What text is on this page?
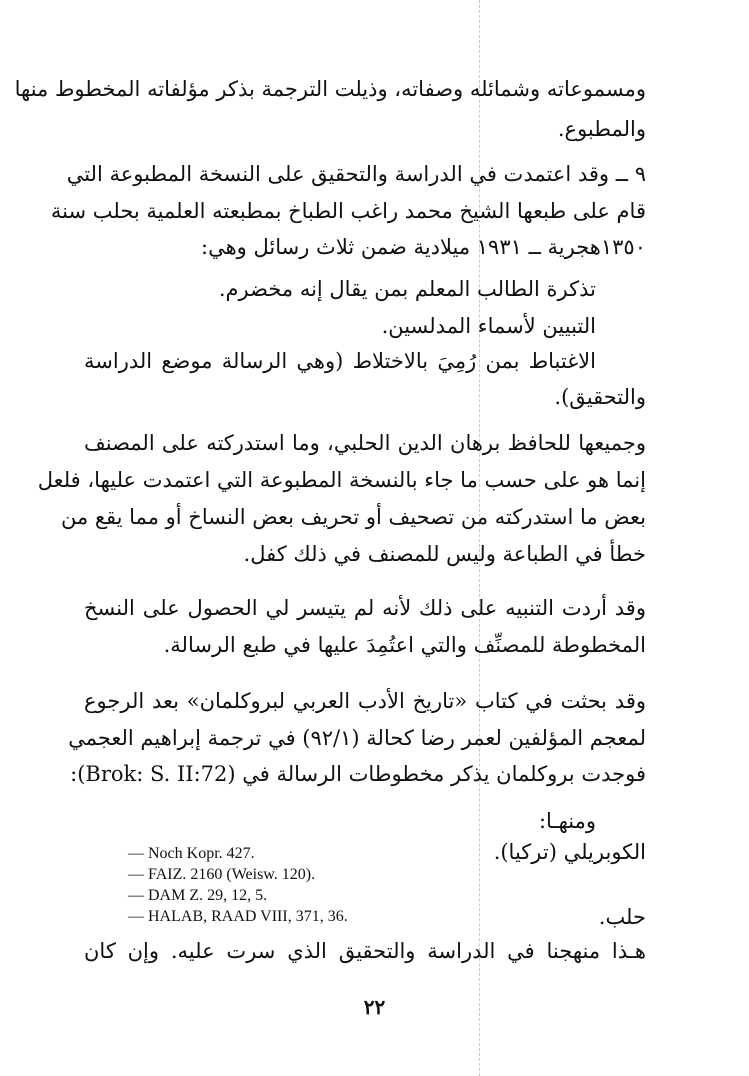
ومسموعاته وشمائله وصفاته، وذيلت الترجمة بذكر مؤلفاته المخطوط منها
والمطبوع.
٩ ــ وقد اعتمدت في الدراسة والتحقيق على النسخة المطبوعة التي
قام على طبعها الشيخ محمد راغب الطباخ بمطبعته العلمية بحلب سنة
١٣٥٠هجرية ــ ١٩٣١ ميلادية ضمن ثلاث رسائل وهي:
تذكرة الطالب المعلم بمن يقال إنه مخضرم.
التبيين لأسماء المدلسين.
الاغتباط بمن رُمِيَ بالاختلاط (وهي الرسالة موضع الدراسة
والتحقيق).
وجميعها للحافظ برهان الدين الحلبي، وما استدركته على المصنف
إنما هو على حسب ما جاء بالنسخة المطبوعة التي اعتمدت عليها، فلعل
بعض ما استدركته من تصحيف أو تحريف بعض النساخ أو مما يقع من
خطأ في الطباعة وليس للمصنف في ذلك كفل.
وقد أردت التنبيه على ذلك لأنه لم يتيسر لي الحصول على النسخ
المخطوطة للمصنِّف والتي اعتُمِدَ عليها في طبع الرسالة.
وقد بحثت في كتاب «تاريخ الأدب العربي لبروكلمان» بعد الرجوع
لمعجم المؤلفين لعمر رضا كحالة (٩٢/١) في ترجمة إبراهيم العجمي
فوجدت بروكلمان يذكر مخطوطات الرسالة في (Brok: S. II:72):
ومنهـا:
الكوبريلي (تركيا).
حلب.
— Noch Kopr. 427.
— FAIZ. 2160 (Weisw. 120).
— DAM Z. 29, 12, 5.
— HALAB, RAAD VIII, 371, 36.
هـذا منهجنا في الدراسة والتحقيق الذي سرت عليه. وإن كان
٢٢
